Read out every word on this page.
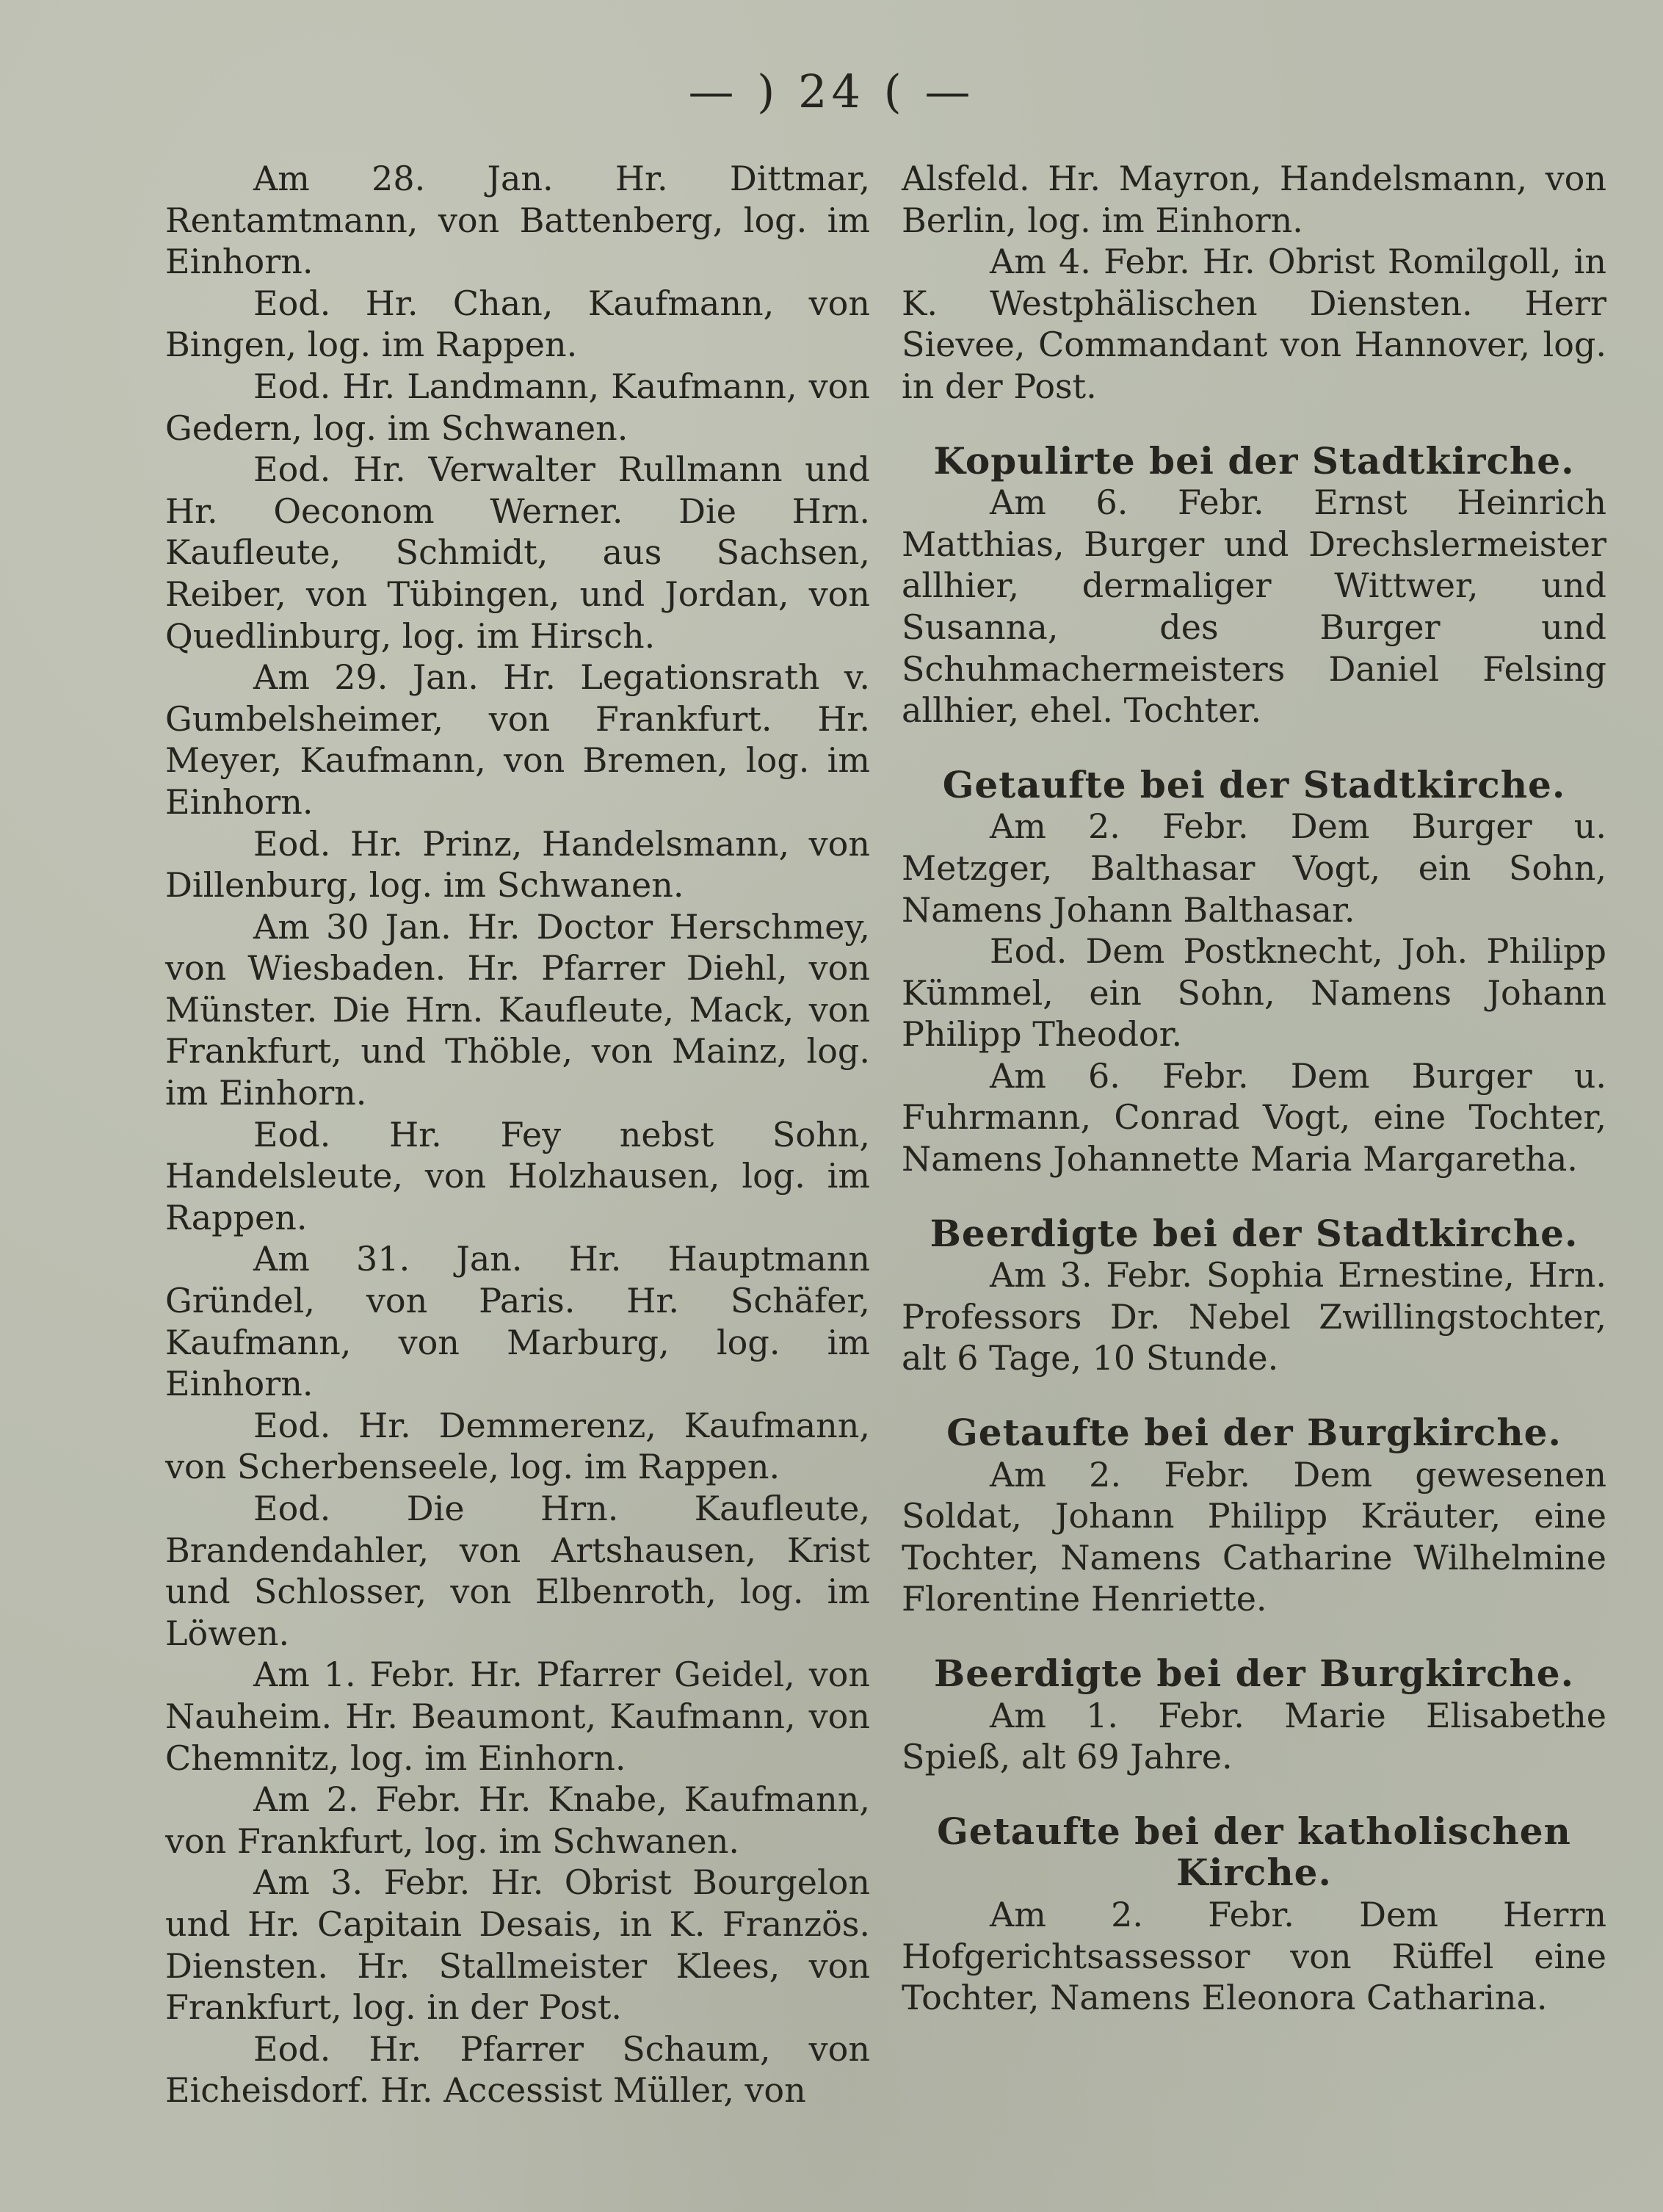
— ) 24 ( —

Am 28. Jan. Hr. Dittmar, Rentamtmann, von Battenberg, log. im Einhorn.

Eod. Hr. Chan, Kaufmann, von Bingen, log. im Rappen.

Eod. Hr. Landmann, Kaufmann, von Gedern, log. im Schwanen.

Eod. Hr. Verwalter Rullmann und Hr. Oeconom Werner. Die Hrn. Kaufleute, Schmidt, aus Sachsen, Reiber, von Tübingen, und Jordan, von Quedlinburg, log. im Hirsch.

Am 29. Jan. Hr. Legationsrath v. Gumbelsheimer, von Frankfurt. Hr. Meyer, Kaufmann, von Bremen, log. im Einhorn.

Eod. Hr. Prinz, Handelsmann, von Dillenburg, log. im Schwanen.

Am 30 Jan. Hr. Doctor Herschmey, von Wiesbaden. Hr. Pfarrer Diehl, von Münster. Die Hrn. Kaufleute, Mack, von Frankfurt, und Thöble, von Mainz, log. im Einhorn.

Eod. Hr. Fey nebst Sohn, Handelsleute, von Holzhausen, log. im Rappen.

Am 31. Jan. Hr. Hauptmann Gründel, von Paris. Hr. Schäfer, Kaufmann, von Marburg, log. im Einhorn.

Eod. Hr. Demmerenz, Kaufmann, von Scherbenseele, log. im Rappen.

Eod. Die Hrn. Kaufleute, Brandendahler, von Artshausen, Krist und Schlosser, von Elbenroth, log. im Löwen.

Am 1. Febr. Hr. Pfarrer Geidel, von Nauheim. Hr. Beaumont, Kaufmann, von Chemnitz, log. im Einhorn.

Am 2. Febr. Hr. Knabe, Kaufmann, von Frankfurt, log. im Schwanen.

Am 3. Febr. Hr. Obrist Bourgelon und Hr. Capitain Desais, in K. Französ. Diensten. Hr. Stallmeister Klees, von Frankfurt, log. in der Post.

Eod. Hr. Pfarrer Schaum, von Eicheisdorf. Hr. Accessist Müller, von

Alsfeld. Hr. Mayron, Handelsmann, von Berlin, log. im Einhorn.

Am 4. Febr. Hr. Obrist Romilgoll, in K. Westphälischen Diensten. Herr Sievee, Commandant von Hannover, log. in der Post.

Kopulirte bei der Stadtkirche.

Am 6. Febr. Ernst Heinrich Matthias, Burger und Drechslermeister allhier, dermaliger Wittwer, und Susanna, des Burger und Schuhmachermeisters Daniel Felsing allhier, ehel. Tochter.

Getaufte bei der Stadtkirche.

Am 2. Febr. Dem Burger u. Metzger, Balthasar Vogt, ein Sohn, Namens Johann Balthasar.

Eod. Dem Postknecht, Joh. Philipp Kümmel, ein Sohn, Namens Johann Philipp Theodor.

Am 6. Febr. Dem Burger u. Fuhrmann, Conrad Vogt, eine Tochter, Namens Johannette Maria Margaretha.

Beerdigte bei der Stadtkirche.

Am 3. Febr. Sophia Ernestine, Hrn. Professors Dr. Nebel Zwillingstochter, alt 6 Tage, 10 Stunde.

Getaufte bei der Burgkirche.

Am 2. Febr. Dem gewesenen Soldat, Johann Philipp Kräuter, eine Tochter, Namens Catharine Wilhelmine Florentine Henriette.

Beerdigte bei der Burgkirche.

Am 1. Febr. Marie Elisabethe Spieß, alt 69 Jahre.

Getaufte bei der katholischen Kirche.

Am 2. Febr. Dem Herrn Hofgerichtsassessor von Rüffel eine Tochter, Namens Eleonora Catharina.
